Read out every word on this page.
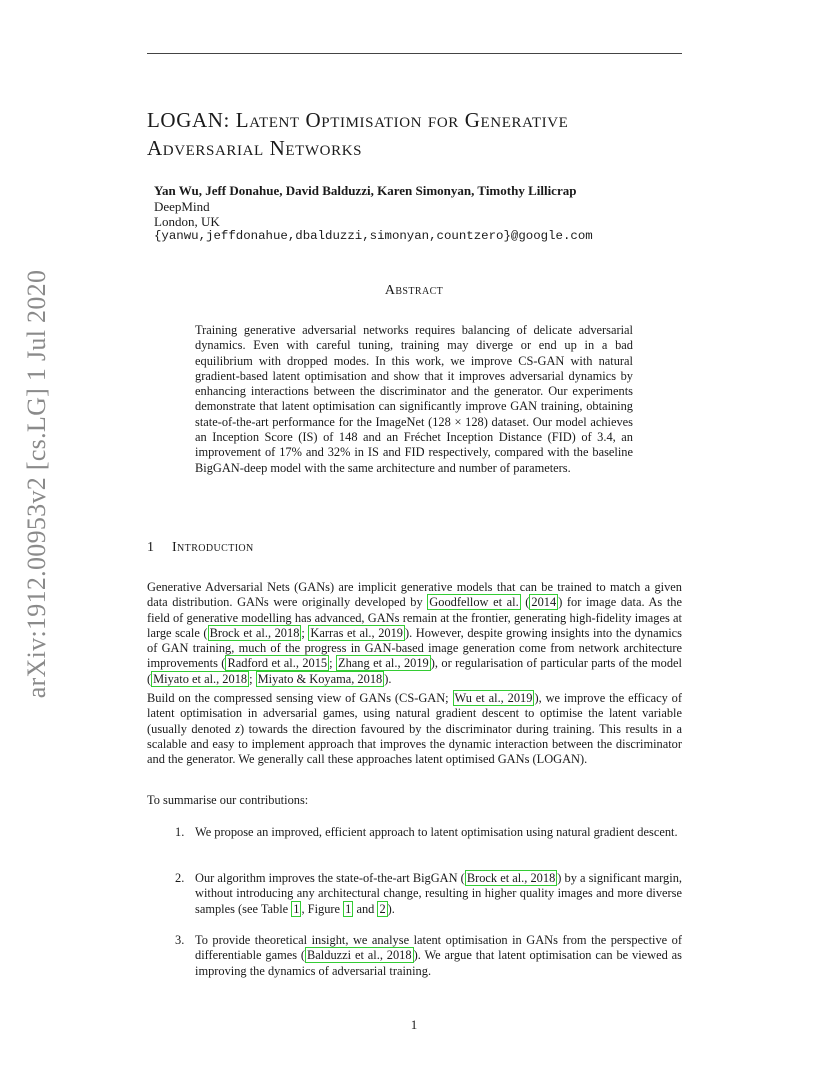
arXiv:1912.00953v2 [cs.LG] 1 Jul 2020
LOGAN: Latent Optimisation for Generative
Adversarial Networks
Yan Wu, Jeff Donahue, David Balduzzi, Karen Simonyan, Timothy Lillicrap
DeepMind
London, UK
{yanwu,jeffdonahue,dbalduzzi,simonyan,countzero}@google.com
Abstract
Training generative adversarial networks requires balancing of delicate adversarial dynamics. Even with careful tuning, training may diverge or end up in a bad equilibrium with dropped modes. In this work, we improve CS-GAN with natural gradient-based latent optimisation and show that it improves adversarial dynamics by enhancing interactions between the discriminator and the generator. Our experiments demonstrate that latent optimisation can significantly improve GAN training, obtaining state-of-the-art performance for the ImageNet (128 × 128) dataset. Our model achieves an Inception Score (IS) of 148 and an Fréchet Inception Distance (FID) of 3.4, an improvement of 17% and 32% in IS and FID respectively, compared with the baseline BigGAN-deep model with the same architecture and number of parameters.
1 Introduction
Generative Adversarial Nets (GANs) are implicit generative models that can be trained to match a given data distribution. GANs were originally developed by Goodfellow et al. ( 2014 ) for image data. As the field of generative modelling has advanced, GANs remain at the frontier, generating high-fidelity images at large scale ( Brock et al., 2018 ; Karras et al., 2019 ). However, despite growing insights into the dynamics of GAN training, much of the progress in GAN-based image generation come from network architecture improvements ( Radford et al., 2015 ; Zhang et al., 2019 ), or regularisation of particular parts of the model ( Miyato et al., 2018 ; Miyato & Koyama, 2018 ).
Build on the compressed sensing view of GANs (CS-GAN; Wu et al., 2019 ), we improve the efficacy of latent optimisation in adversarial games, using natural gradient descent to optimise the latent variable (usually denoted z) towards the direction favoured by the discriminator during training. This results in a scalable and easy to implement approach that improves the dynamic interaction between the discriminator and the generator. We generally call these approaches latent optimised GANs (LOGAN).
To summarise our contributions:
1. We propose an improved, efficient approach to latent optimisation using natural gradient descent.
2. Our algorithm improves the state-of-the-art BigGAN ( Brock et al., 2018 ) by a significant margin, without introducing any architectural change, resulting in higher quality images and more diverse samples (see Table 1 , Figure 1 and 2 ).
3. To provide theoretical insight, we analyse latent optimisation in GANs from the perspective of differentiable games ( Balduzzi et al., 2018 ). We argue that latent optimisation can be viewed as improving the dynamics of adversarial training.
1
